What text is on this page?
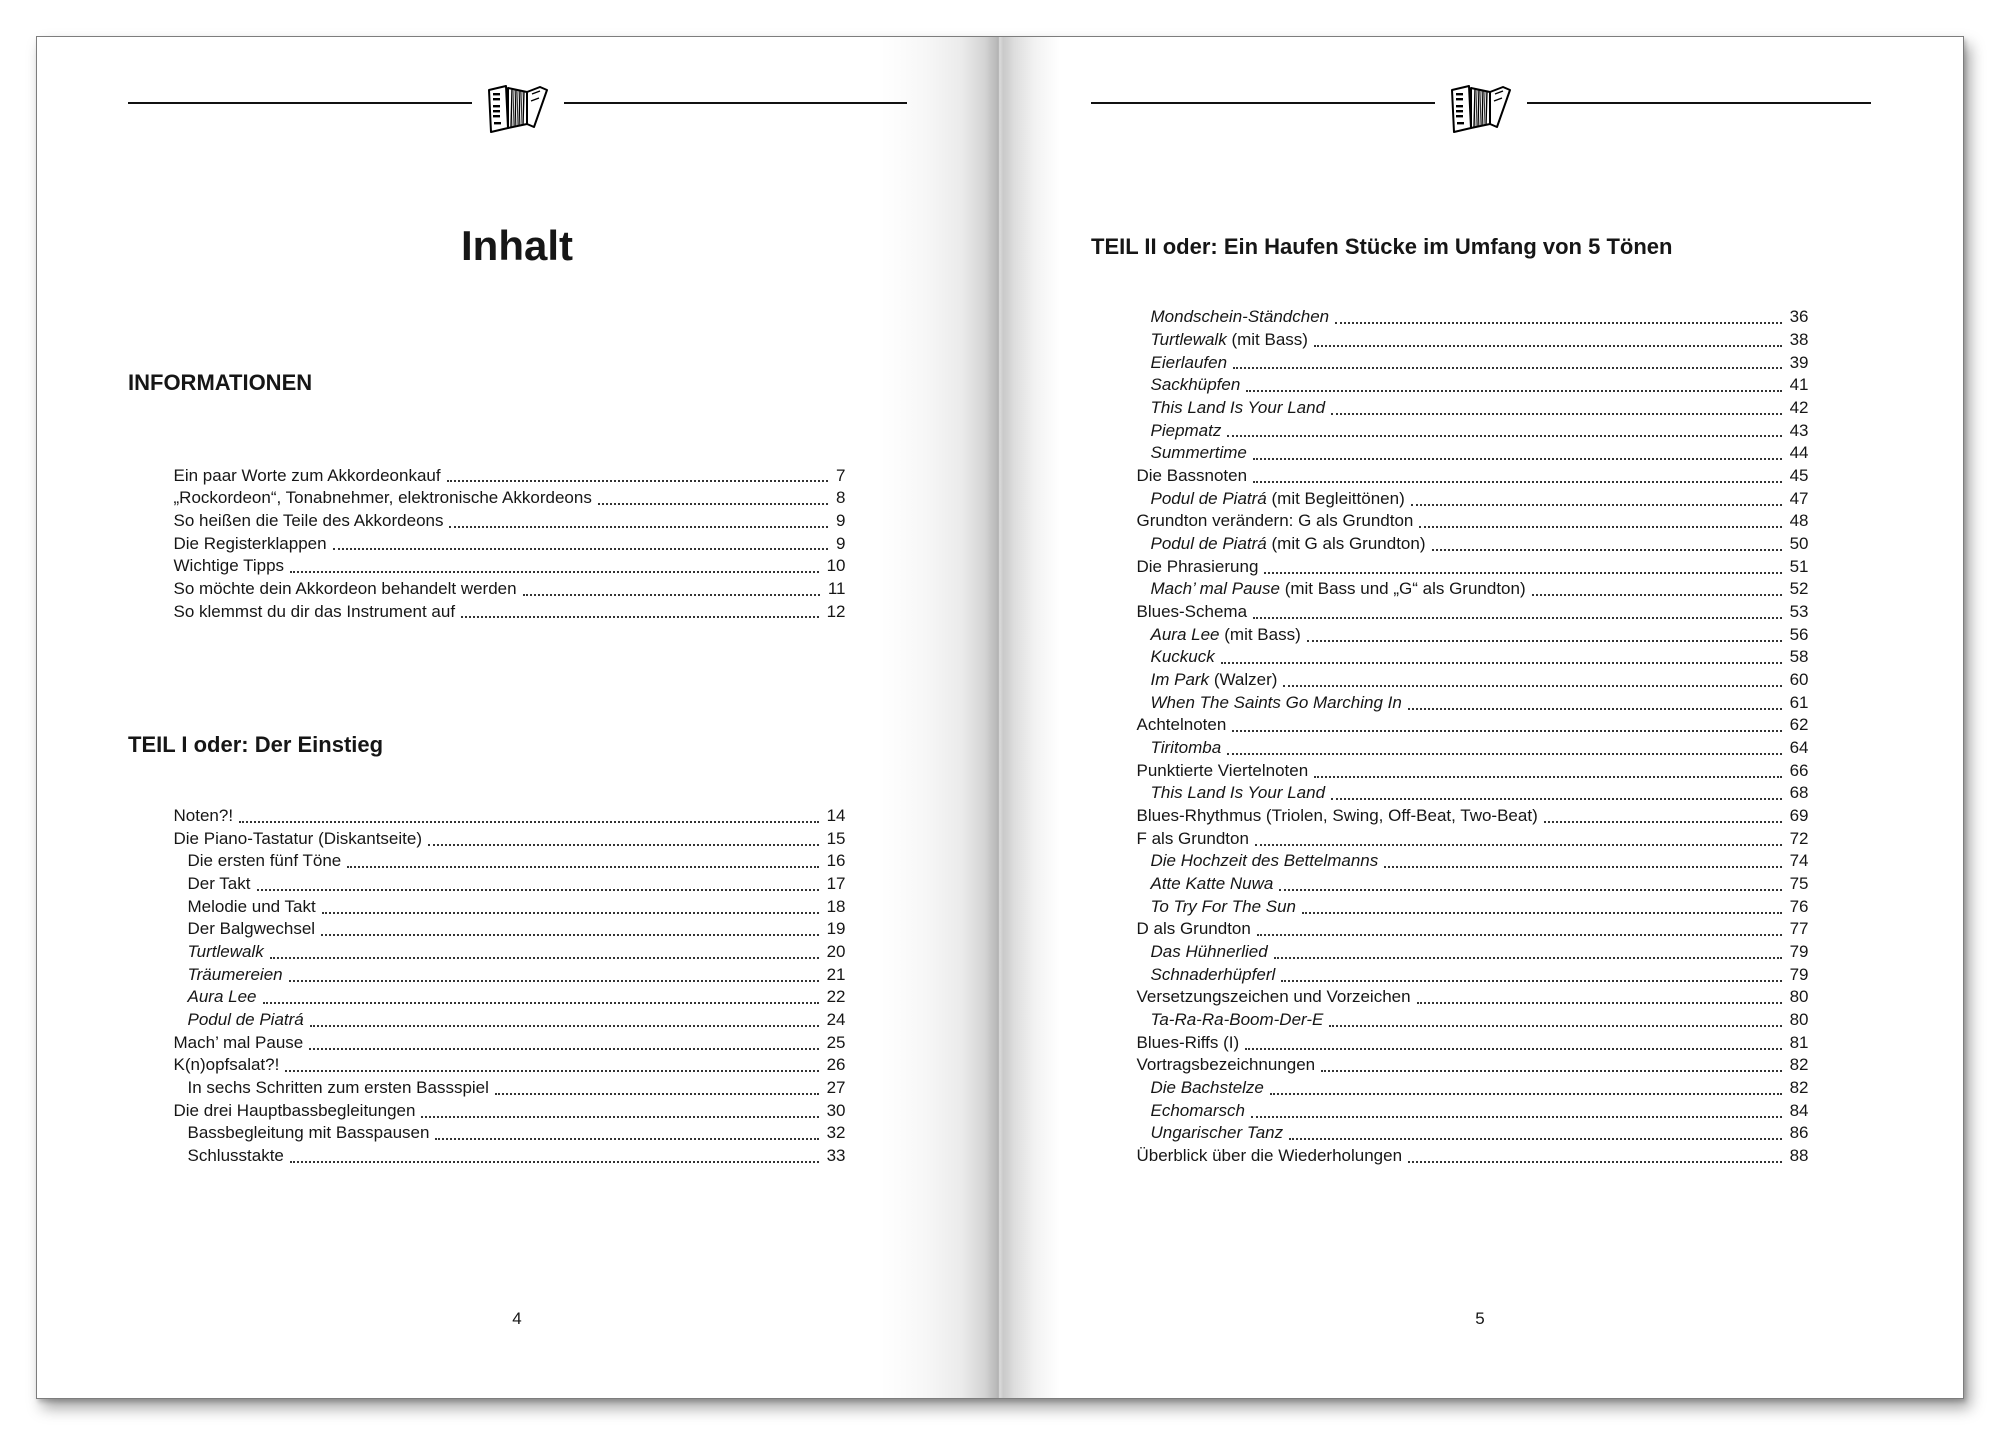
Inhalt
INFORMATIONEN
Ein paar Worte zum Akkordeonkauf	7
„Rockordeon“, Tonabnehmer, elektronische Akkordeons	8
So heißen die Teile des Akkordeons	9
Die Registerklappen	9
Wichtige Tipps	10
So möchte dein Akkordeon behandelt werden	11
So klemmst du dir das Instrument auf	12
TEIL I oder: Der Einstieg
Noten?!	14
Die Piano-Tastatur (Diskantseite)	15
Die ersten fünf Töne	16
Der Takt	17
Melodie und Takt	18
Der Balgwechsel	19
Turtlewalk	20
Träumereien	21
Aura Lee	22
Podul de Piatrá	24
Mach’ mal Pause	25
K(n)opfsalat?!	26
In sechs Schritten zum ersten Bassspiel	27
Die drei Hauptbassbegleitungen	30
Bassbegleitung mit Basspausen	32
Schlusstakte	33
4
TEIL II oder: Ein Haufen Stücke im Umfang von 5 Tönen
Mondschein-Ständchen	36
Turtlewalk (mit Bass)	38
Eierlaufen	39
Sackhüpfen	41
This Land Is Your Land	42
Piepmatz	43
Summertime	44
Die Bassnoten	45
Podul de Piatrá (mit Begleittönen)	47
Grundton verändern: G als Grundton	48
Podul de Piatrá (mit G als Grundton)	50
Die Phrasierung	51
Mach’ mal Pause (mit Bass und „G“ als Grundton)	52
Blues-Schema	53
Aura Lee (mit Bass)	56
Kuckuck	58
Im Park (Walzer)	60
When The Saints Go Marching In	61
Achtelnoten	62
Tiritomba	64
Punktierte Viertelnoten	66
This Land Is Your Land	68
Blues-Rhythmus (Triolen, Swing, Off-Beat, Two-Beat)	69
F als Grundton	72
Die Hochzeit des Bettelmanns	74
Atte Katte Nuwa	75
To Try For The Sun	76
D als Grundton	77
Das Hühnerlied	79
Schnaderhüpferl	79
Versetzungszeichen und Vorzeichen	80
Ta-Ra-Ra-Boom-Der-E	80
Blues-Riffs (I)	81
Vortragsbezeichnungen	82
Die Bachstelze	82
Echomarsch	84
Ungarischer Tanz	86
Überblick über die Wiederholungen	88
5
